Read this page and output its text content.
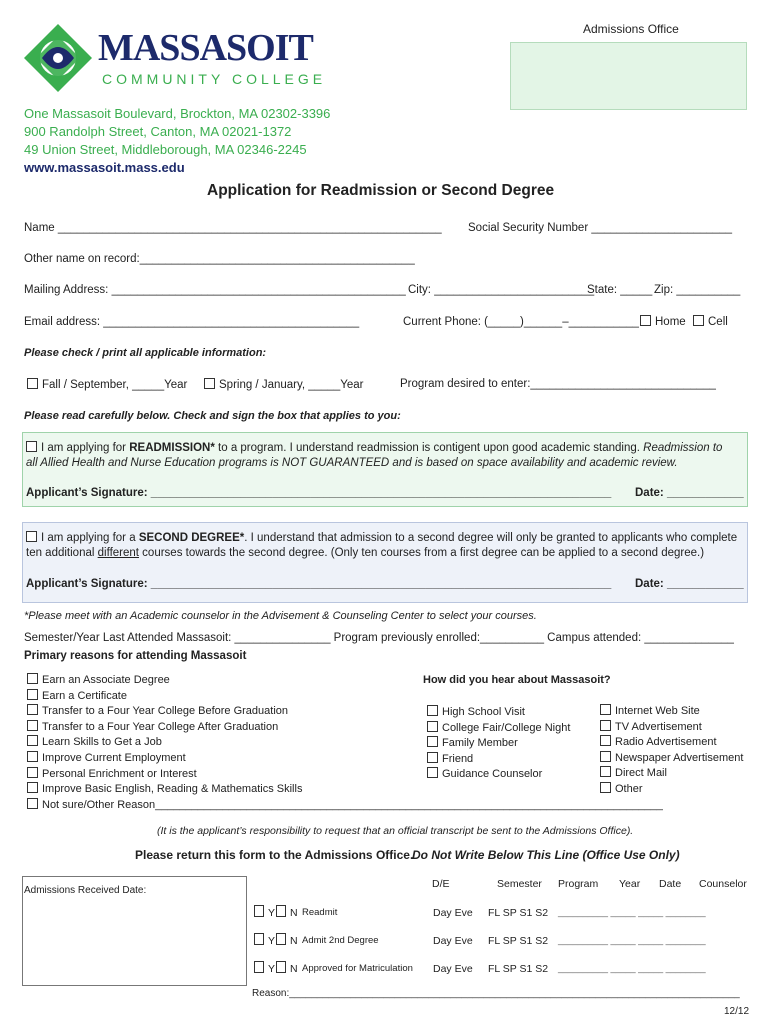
Admissions Office
MASSASOIT
COMMUNITY COLLEGE
One Massasoit Boulevard, Brockton, MA 02302-3396
900 Randolph Street, Canton, MA 02021-1372
49 Union Street, Middleborough, MA 02346-2245
www.massasoit.mass.edu
Application for Readmission or Second Degree
Name ____________________________________________________________ Social Security Number ______________________
Other name on record:___________________________________________
Mailing Address: ______________________________________________ City: _________________________
State: _____ Zip: __________
Email address: ________________________________________	Current Phone: (_____)______–___________	Home	Cell
Please check / print all applicable information:
Fall / September, _____Year	Spring / January, _____Year	Program desired to enter:_____________________________
Please read carefully below. Check and sign the box that applies to you:
I am applying for READMISSION* to a program. I understand readmission is contigent upon good academic standing. Readmission to
all Allied Health and Nurse Education programs is NOT GUARANTEED and is based on space availability and academic review.
Applicant’s Signature: ________________________________________________________________________ Date: ____________
I am applying for a SECOND DEGREE*. I understand that admission to a second degree will only be granted to applicants who complete
ten additional different courses towards the second degree. (Only ten courses from a first degree can be applied to a second degree.)
Applicant’s Signature: ________________________________________________________________________ Date: ____________
*Please meet with an Academic counselor in the Advisement & Counseling Center to select your courses.
Semester/Year Last Attended Massasoit: _______________ Program previously enrolled:__________ Campus attended: ______________
Primary reasons for attending Massasoit
Earn an Associate Degree
Earn a Certificate
Transfer to a Four Year College Before Graduation
Transfer to a Four Year College After Graduation
Learn Skills to Get a Job
Improve Current Employment
Personal Enrichment or Interest
Improve Basic English, Reading & Mathematics Skills
Not sure/Other Reason___________________________________________________________________________________
How did you hear about Massasoit?
High School Visit
College Fair/College Night
Family Member
Friend
Guidance Counselor
Internet Web Site
TV Advertisement
Radio Advertisement
Newspaper Advertisement
Direct Mail
Other
(It is the applicant’s responsibility to request that an official transcript be sent to the Admissions Office).
Please return this form to the Admissions Office.
Do Not Write Below This Line (Office Use Only)
Admissions Received Date:
D/E	Semester Program Year Date Counselor
Y	N Readmit	Day Eve FL SP S1 S2 __________ _____ _____ ________
Y	N Admit 2nd Degree	Day Eve FL SP S1 S2 __________ _____ _____ ________
Y	N Approved for Matriculation Day Eve FL SP S1 S2 __________ _____ _____ ________
Reason:_________________________________________________________________________________
12/12
